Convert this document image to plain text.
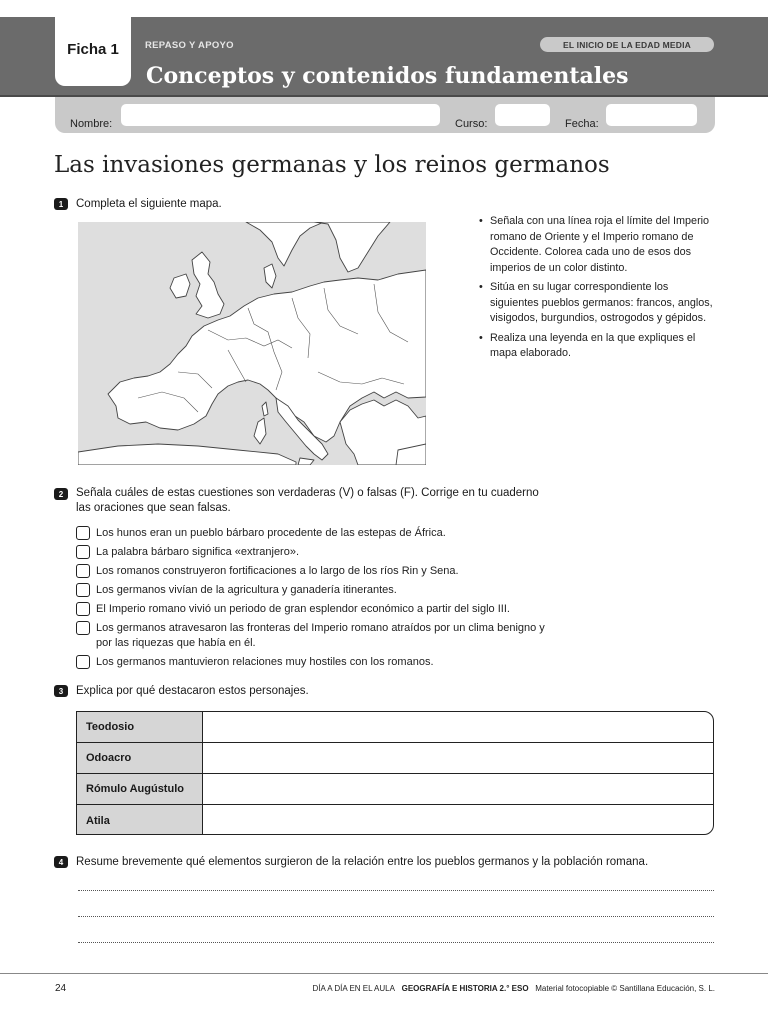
Ficha 1	REPASO Y APOYO	EL INICIO DE LA EDAD MEDIA
Conceptos y contenidos fundamentales
Nombre:	Curso:	Fecha:
Las invasiones germanas y los reinos germanos
1	Completa el siguiente mapa.
• Señala con una línea roja el límite del Imperio romano de Oriente y el Imperio romano de Occidente. Colorea cada uno de esos dos imperios de un color distinto.
• Sitúa en su lugar correspondiente los siguientes pueblos germanos: francos, anglos, visigodos, burgundios, ostrogodos y gépidos.
• Realiza una leyenda en la que expliques el mapa elaborado.
2	Señala cuáles de estas cuestiones son verdaderas (V) o falsas (F). Corrige en tu cuaderno las oraciones que sean falsas.
Los hunos eran un pueblo bárbaro procedente de las estepas de África.
La palabra bárbaro significa «extranjero».
Los romanos construyeron fortificaciones a lo largo de los ríos Rin y Sena.
Los germanos vivían de la agricultura y ganadería itinerantes.
El Imperio romano vivió un periodo de gran esplendor económico a partir del siglo III.
Los germanos atravesaron las fronteras del Imperio romano atraídos por un clima benigno y por las riquezas que había en él.
Los germanos mantuvieron relaciones muy hostiles con los romanos.
3	Explica por qué destacaron estos personajes.
Teodosio
Odoacro
Rómulo Augústulo
Atila
4	Resume brevemente qué elementos surgieron de la relación entre los pueblos germanos y la población romana.
24	DÍA A DÍA EN EL AULA GEOGRAFÍA E HISTORIA 2.° ESO Material fotocopiable © Santillana Educación, S. L.
